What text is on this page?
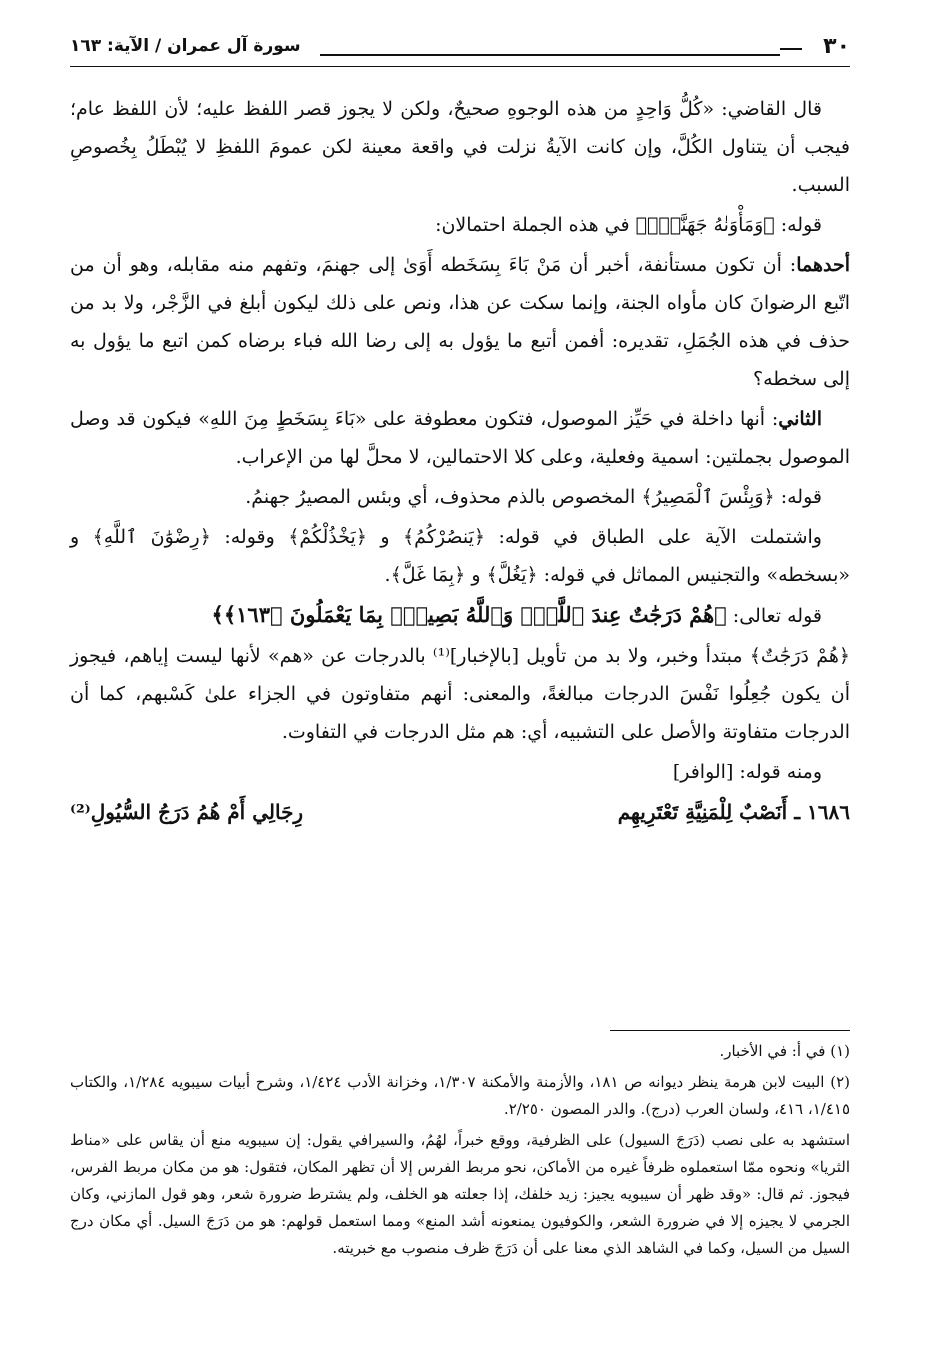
٣٠
سورة آل عمران / الآية: ١٦٣

قال القاضي: «كُلُّ وَاحِدٍ من هذه الوجوهِ صحيحٌ، ولكن لا يجوز قصر اللفظ عليه؛ لأن اللفظ عام؛ فيجب أن يتناول الكُلَّ، وإن كانت الآيةُ نزلت في واقعة معينة لكن عمومَ اللفظِ لا يُبْطَلُ بِخُصوصِ السبب.

قوله: ﴿وَمَأْوَنٰهُ جَهَنَّمُۚ﴾ في هذه الجملة احتمالان:

أحدهما: أن تكون مستأنفة، أخبر أن مَنْ بَاءَ بِسَخَطه أَوَىٰ إلى جهنمَ، وتفهم منه مقابله، وهو أن من اتّبع الرضوانَ كان مأواه الجنة، وإنما سكت عن هذا، ونص على ذلك ليكون أبلغ في الزَّجْر، ولا بد من حذف في هذه الجُمَلِ، تقديره: أفمن أتبع ما يؤول به إلى رضا الله فباء برضاه كمن اتبع ما يؤول به إلى سخطه؟

الثاني: أنها داخلة في حَيِّز الموصول، فتكون معطوفة على «بَاءَ بِسَخَطٍ مِنَ اللهِ» فيكون قد وصل الموصول بجملتين: اسمية وفعلية، وعلى كلا الاحتمالين، لا محلَّ لها من الإعراب.

قوله: ﴿وَبِئْسَ ٱلْمَصِيرُ﴾ المخصوص بالذم محذوف، أي وبئس المصيرُ جهنمُ.

واشتملت الآية على الطباق في قوله: ﴿يَنصُرْكُمُ﴾ و ﴿يَخْذُلْكُمْ﴾ وقوله: ﴿رِضْوَٰنَ ٱللَّهِ﴾ و «بسخطه» والتجنيس المماثل في قوله: ﴿يَغُلَّ﴾ و ﴿بِمَا غَلَّ﴾.

قوله تعالى: ﴿هُمْ دَرَجَٰتٌ عِندَ ٱللَّهِۗ وَٱللَّهُ بَصِيرٌۢ بِمَا يَعْمَلُونَ ﴿١٦٣﴾﴾

﴿هُمْ دَرَجَٰتٌ﴾ مبتدأ وخبر، ولا بد من تأويل [بالإخبار]⁽¹⁾ بالدرجات عن «هم» لأنها ليست إياهم، فيجوز أن يكون جُعِلُوا نَفْسَ الدرجات مبالغةً، والمعنى: أنهم متفاوتون في الجزاء علىٰ كَسْبهم، كما أن الدرجات متفاوتة والأصل على التشبيه، أي: هم مثل الدرجات في التفاوت.

ومنه قوله: [الوافر]

١٦٨٦ ـ أَنَصْبٌ لِلْمَنِيَّةِ تَعْتَرِيهِم
رِجَالِي أَمْ هُمُ دَرَجُ السُّيُولِ⁽²⁾

(١) في أ: في الأخبار.

(٢) البيت لابن هرمة ينظر ديوانه ص ١٨١، والأزمنة والأمكنة ١/٣٠٧، وخزانة الأدب ١/٤٢٤، وشرح أبيات سيبويه ١/٢٨٤، والكتاب ١/٤١٥، ٤١٦، ولسان العرب (درج). والدر المصون ٢/٢٥٠.

استشهد به على نصب (دَرَجَ السيول) على الظرفية، ووقع خبراً، لهُمُ، والسيرافي يقول: إن سيبويه منع أن يقاس على «مناط الثريا» ونحوه ممّا استعملوه ظرفاً غيره من الأماكن، نحو مربط الفرس إلا أن تظهر المكان، فتقول: هو من مكان مربط الفرس، فيجوز. ثم قال: «وقد ظهر أن سيبويه يجيز: زيد خلفك، إذا جعلته هو الخلف، ولم يشترط ضرورة شعر، وهو قول المازني، وكان الجرمي لا يجيزه إلا في ضرورة الشعر، والكوفيون يمنعونه أشد المنع» ومما استعمل قولهم: هو من دَرَجَ السيل. أي مكان درج السيل من السيل، وكما في الشاهد الذي معنا على أن دَرَجَ ظرف منصوب مع خبريته.
